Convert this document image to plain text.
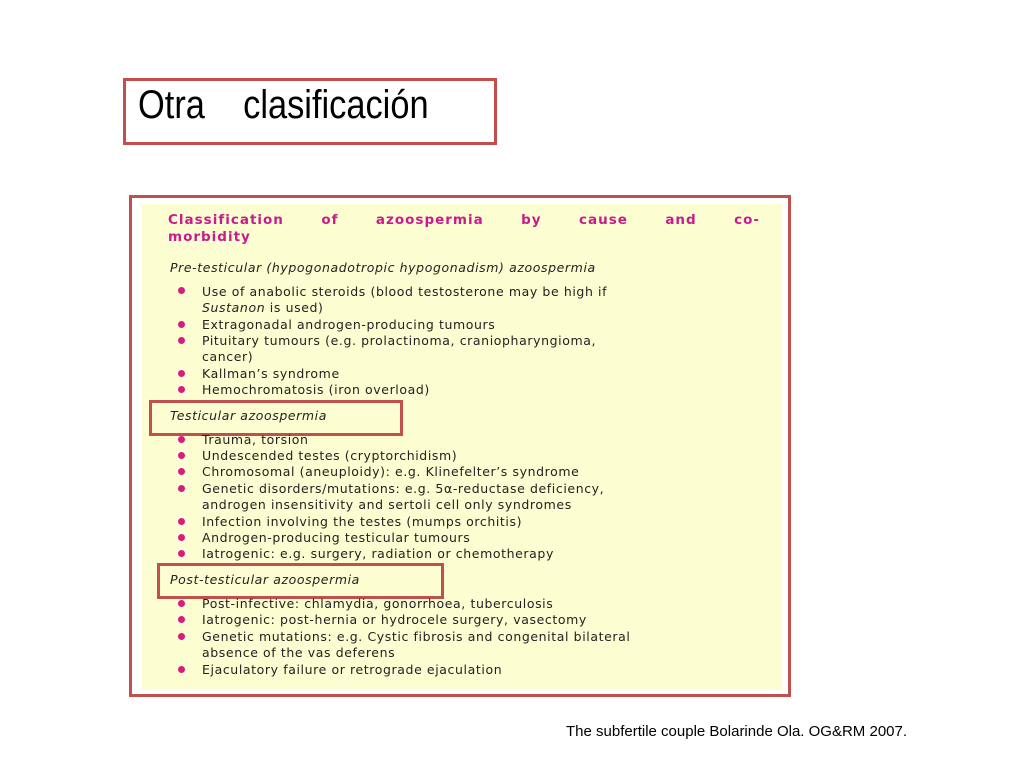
Otra    clasificación
Classification of azoospermia by cause and co-
morbidity
Pre-testicular (hypogonadotropic hypogonadism) azoospermia
Use of anabolic steroids (blood testosterone may be high if
Sustanon is used)
Extragonadal androgen-producing tumours
Pituitary tumours (e.g. prolactinoma, craniopharyngioma,
cancer)
Kallman’s syndrome
Hemochromatosis (iron overload)
Testicular azoospermia
Trauma, torsion
Undescended testes (cryptorchidism)
Chromosomal (aneuploidy): e.g. Klinefelter’s syndrome
Genetic disorders/mutations: e.g. 5α-reductase deficiency,
androgen insensitivity and sertoli cell only syndromes
Infection involving the testes (mumps orchitis)
Androgen-producing testicular tumours
Iatrogenic: e.g. surgery, radiation or chemotherapy
Post-testicular azoospermia
Post-infective: chlamydia, gonorrhoea, tuberculosis
Iatrogenic: post-hernia or hydrocele surgery, vasectomy
Genetic mutations: e.g. Cystic fibrosis and congenital bilateral
absence of the vas deferens
Ejaculatory failure or retrograde ejaculation
The subfertile couple Bolarinde Ola. OG&RM 2007.
